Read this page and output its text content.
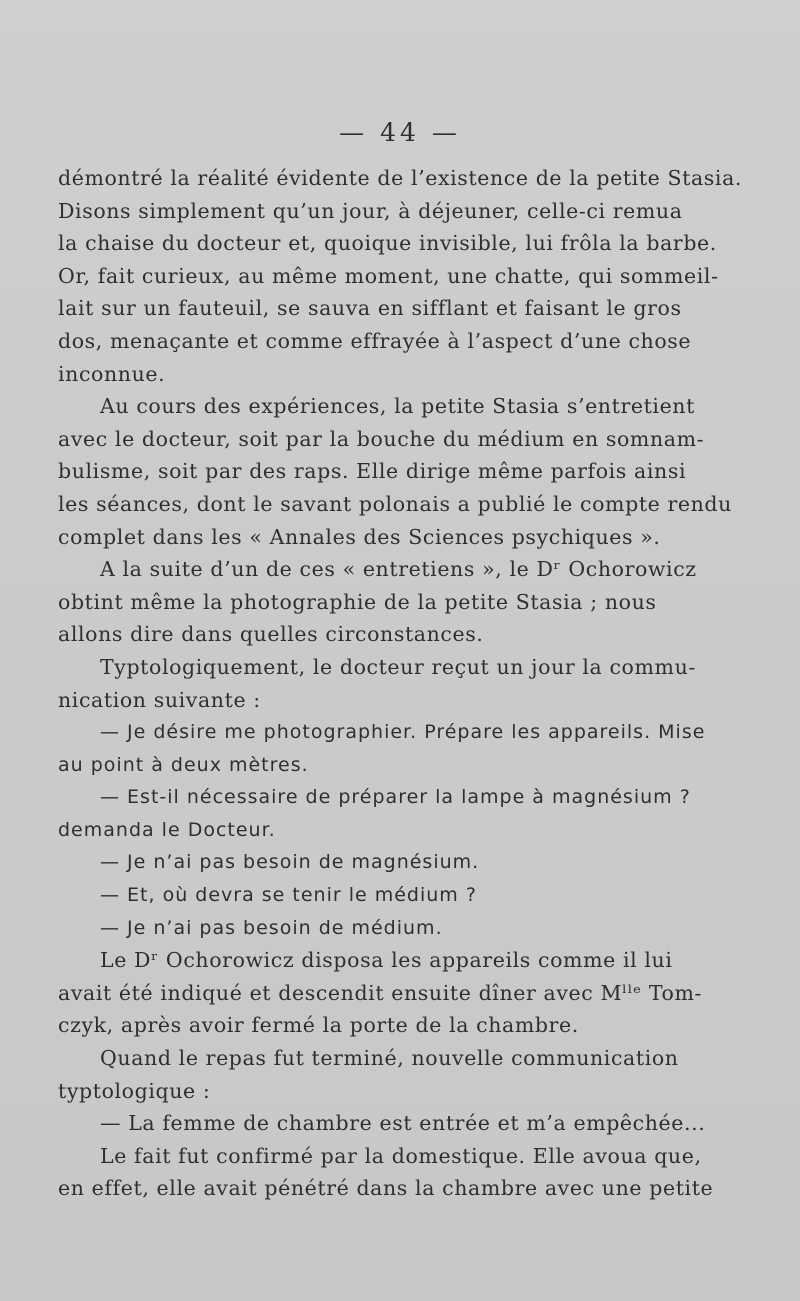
— 44 —
démontré la réalité évidente de l’existence de la petite Stasia.
Disons simplement qu’un jour, à déjeuner, celle-ci remua
la chaise du docteur et, quoique invisible, lui frôla la barbe.
Or, fait curieux, au même moment, une chatte, qui sommeil-
lait sur un fauteuil, se sauva en sifflant et faisant le gros
dos, menaçante et comme effrayée à l’aspect d’une chose
inconnue.
Au cours des expériences, la petite Stasia s’entretient
avec le docteur, soit par la bouche du médium en somnam-
bulisme, soit par des raps. Elle dirige même parfois ainsi
les séances, dont le savant polonais a publié le compte rendu
complet dans les « Annales des Sciences psychiques ».
A la suite d’un de ces « entretiens », le Dʳ Ochorowicz
obtint même la photographie de la petite Stasia ; nous
allons dire dans quelles circonstances.
Typtologiquement, le docteur reçut un jour la commu-
nication suivante :
— Je désire me photographier. Prépare les appareils. Mise
au point à deux mètres.
— Est-il nécessaire de préparer la lampe à magnésium ?
demanda le Docteur.
— Je n’ai pas besoin de magnésium.
— Et, où devra se tenir le médium ?
— Je n’ai pas besoin de médium.
Le Dʳ Ochorowicz disposa les appareils comme il lui
avait été indiqué et descendit ensuite dîner avec Mˡˡᵉ Tom-
czyk, après avoir fermé la porte de la chambre.
Quand le repas fut terminé, nouvelle communication
typtologique :
— La femme de chambre est entrée et m’a empêchée...
Le fait fut confirmé par la domestique. Elle avoua que,
en effet, elle avait pénétré dans la chambre avec une petite
